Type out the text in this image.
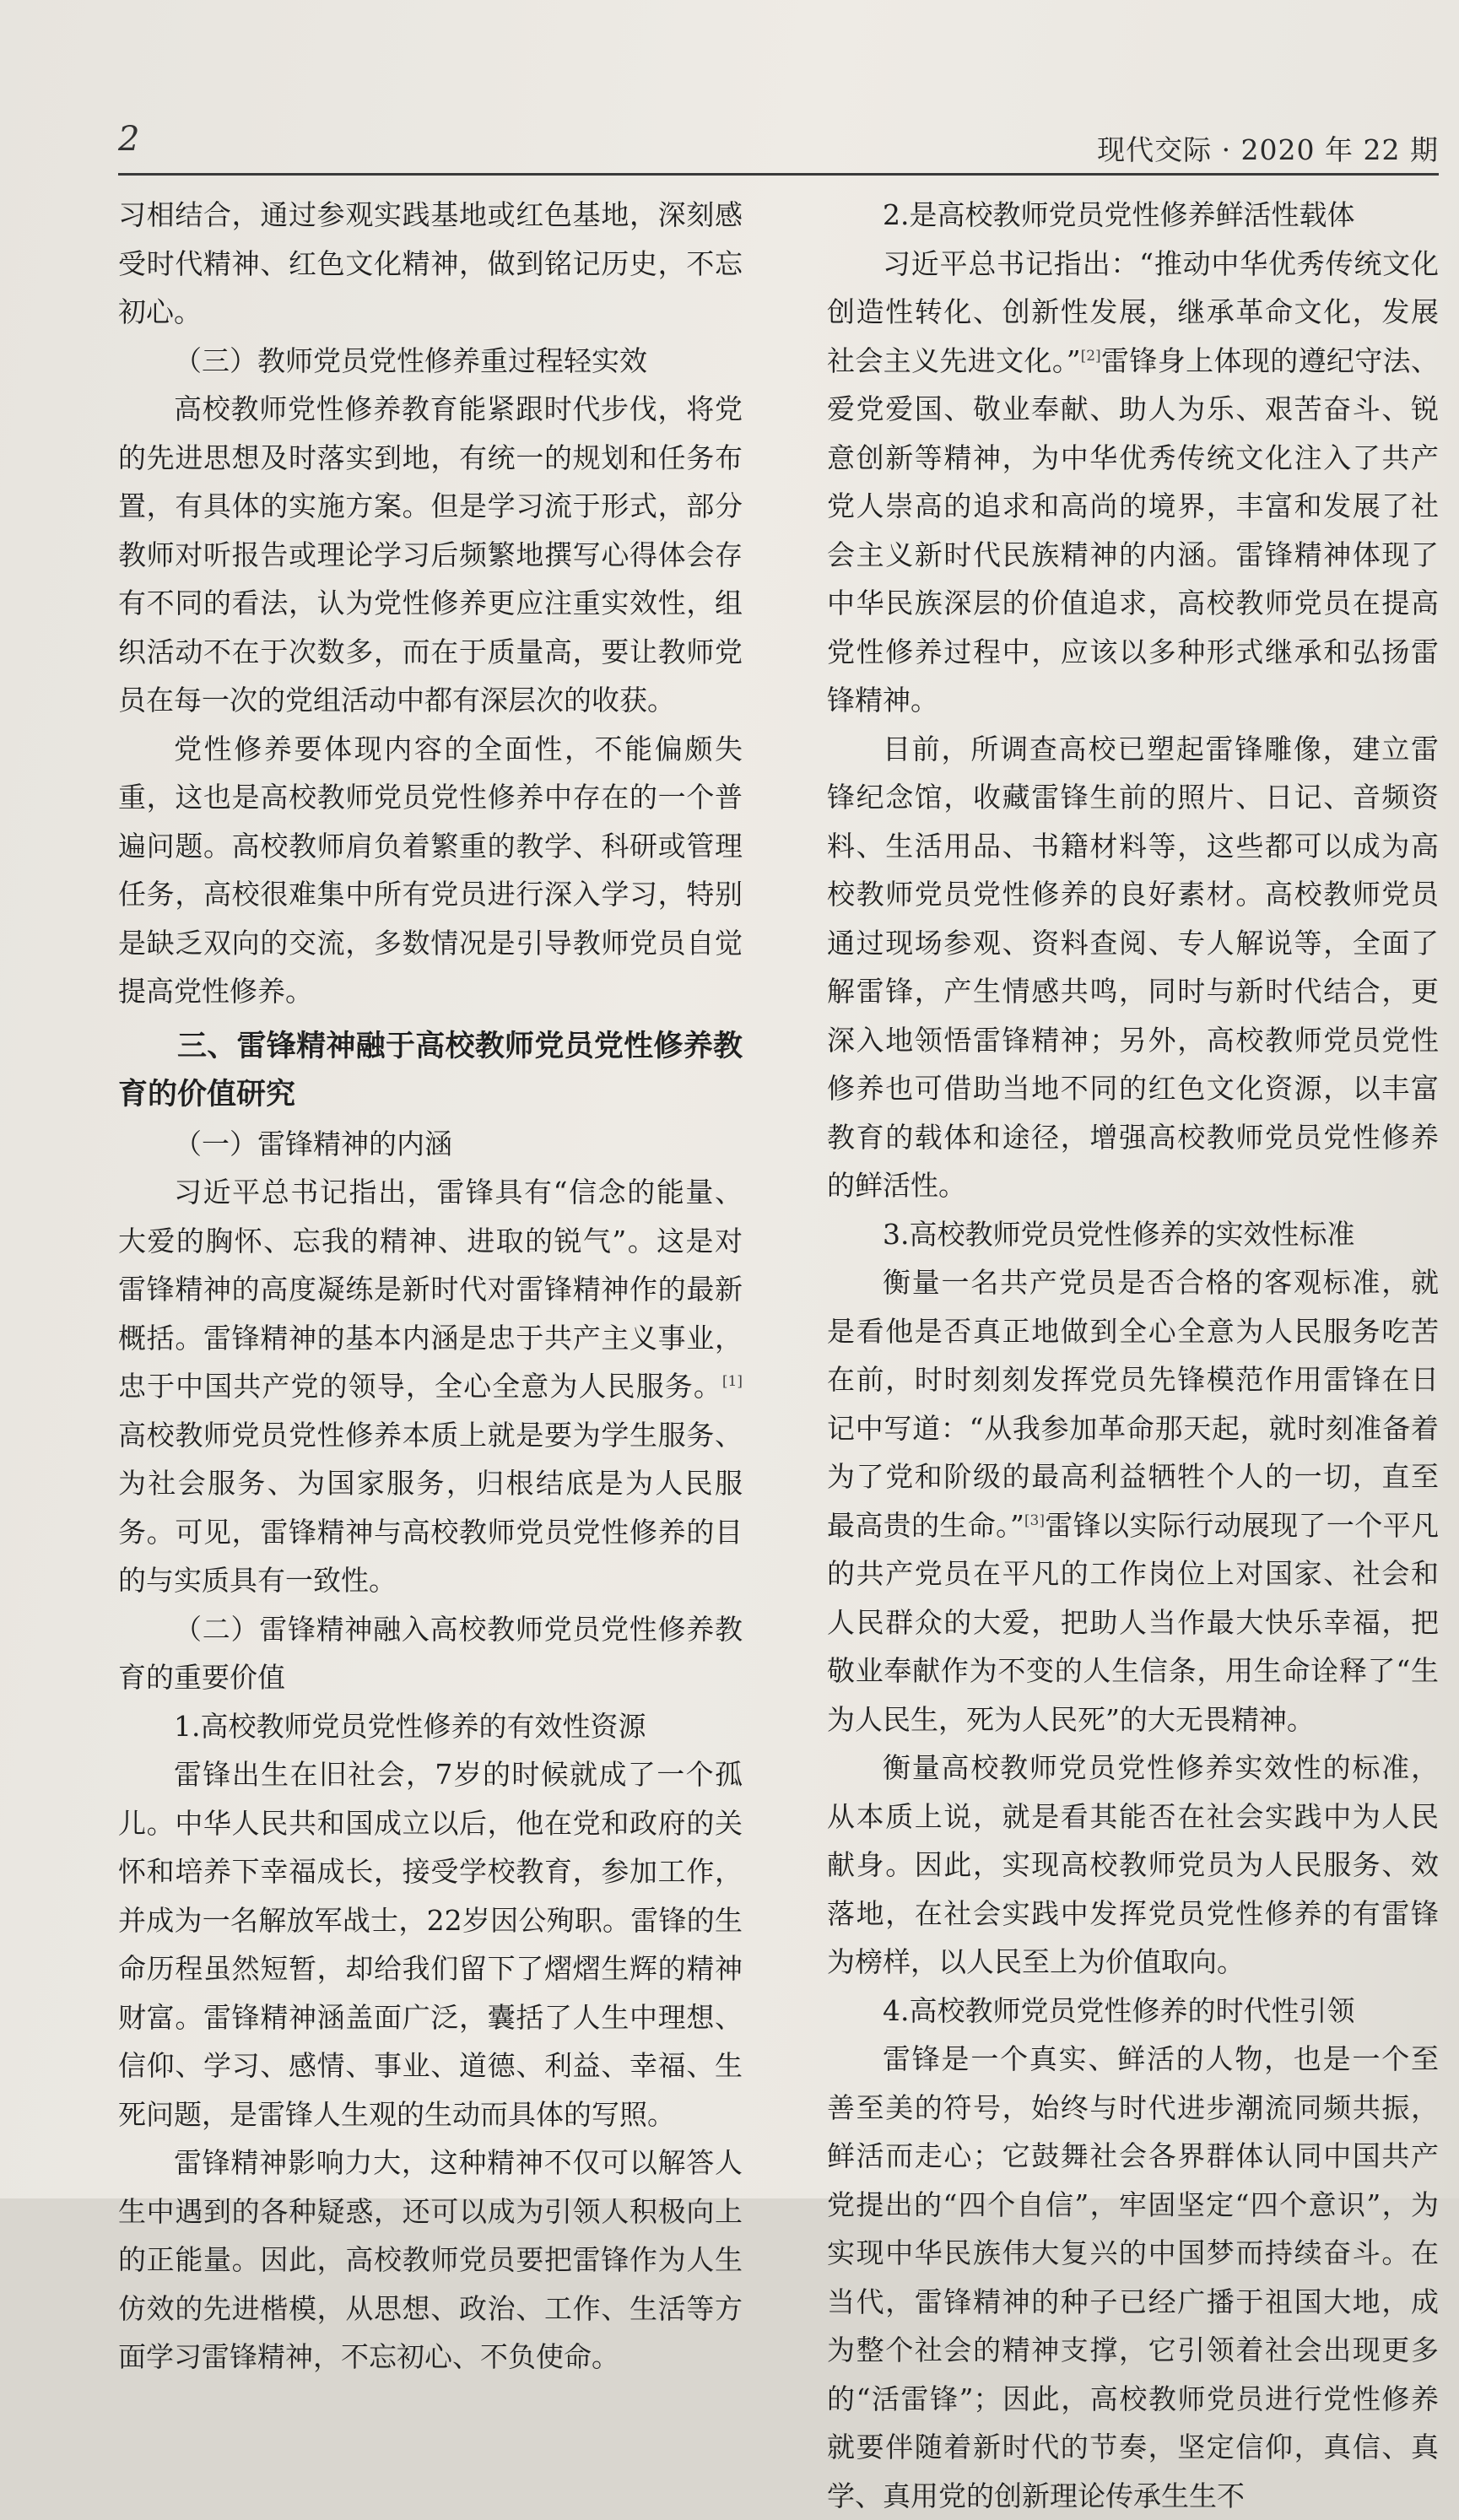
2	现代交际 · 2020 年 22 期

习相结合，通过参观实践基地或红色基地，深刻感受时代精神、红色文化精神，做到铭记历史，不忘初心。

（三）教师党员党性修养重过程轻实效

高校教师党性修养教育能紧跟时代步伐，将党的先进思想及时落实到地，有统一的规划和任务布置，有具体的实施方案。但是学习流于形式，部分教师对听报告或理论学习后频繁地撰写心得体会存有不同的看法，认为党性修养更应注重实效性，组织活动不在于次数多，而在于质量高，要让教师党员在每一次的党组活动中都有深层次的收获。

党性修养要体现内容的全面性，不能偏颇失重，这也是高校教师党员党性修养中存在的一个普遍问题。高校教师肩负着繁重的教学、科研或管理任务，高校很难集中所有党员进行深入学习，特别是缺乏双向的交流，多数情况是引导教师党员自觉提高党性修养。

三、雷锋精神融于高校教师党员党性修养教育的价值研究

（一）雷锋精神的内涵

习近平总书记指出，雷锋具有“信念的能量、大爱的胸怀、忘我的精神、进取的锐气”。这是对雷锋精神的高度凝练是新时代对雷锋精神作的最新概括。雷锋精神的基本内涵是忠于共产主义事业，忠于中国共产党的领导，全心全意为人民服务。[1]高校教师党员党性修养本质上就是要为学生服务、为社会服务、为国家服务，归根结底是为人民服务。可见，雷锋精神与高校教师党员党性修养的目的与实质具有一致性。

（二）雷锋精神融入高校教师党员党性修养教育的重要价值

1.高校教师党员党性修养的有效性资源

雷锋出生在旧社会，7岁的时候就成了一个孤儿。中华人民共和国成立以后，他在党和政府的关怀和培养下幸福成长，接受学校教育，参加工作，并成为一名解放军战士，22岁因公殉职。雷锋的生命历程虽然短暂，却给我们留下了熠熠生辉的精神财富。雷锋精神涵盖面广泛，囊括了人生中理想、信仰、学习、感情、事业、道德、利益、幸福、生死问题，是雷锋人生观的生动而具体的写照。

雷锋精神影响力大，这种精神不仅可以解答人生中遇到的各种疑惑，还可以成为引领人积极向上的正能量。因此，高校教师党员要把雷锋作为人生仿效的先进楷模，从思想、政治、工作、生活等方面学习雷锋精神，不忘初心、不负使命。

2.是高校教师党员党性修养鲜活性载体

习近平总书记指出：“推动中华优秀传统文化创造性转化、创新性发展，继承革命文化，发展社会主义先进文化。”[2]雷锋身上体现的遵纪守法、爱党爱国、敬业奉献、助人为乐、艰苦奋斗、锐意创新等精神，为中华优秀传统文化注入了共产党人崇高的追求和高尚的境界，丰富和发展了社会主义新时代民族精神的内涵。雷锋精神体现了中华民族深层的价值追求，高校教师党员在提高党性修养过程中，应该以多种形式继承和弘扬雷锋精神。

目前，所调查高校已塑起雷锋雕像，建立雷锋纪念馆，收藏雷锋生前的照片、日记、音频资料、生活用品、书籍材料等，这些都可以成为高校教师党员党性修养的良好素材。高校教师党员通过现场参观、资料查阅、专人解说等，全面了解雷锋，产生情感共鸣，同时与新时代结合，更深入地领悟雷锋精神；另外，高校教师党员党性修养也可借助当地不同的红色文化资源，以丰富教育的载体和途径，增强高校教师党员党性修养的鲜活性。

3.高校教师党员党性修养的实效性标准

衡量一名共产党员是否合格的客观标准，就是看他是否真正地做到全心全意为人民服务吃苦在前，时时刻刻发挥党员先锋模范作用雷锋在日记中写道：“从我参加革命那天起，就时刻准备着为了党和阶级的最高利益牺牲个人的一切，直至最高贵的生命。”[3]雷锋以实际行动展现了一个平凡的共产党员在平凡的工作岗位上对国家、社会和人民群众的大爱，把助人当作最大快乐幸福，把敬业奉献作为不变的人生信条，用生命诠释了“生为人民生，死为人民死”的大无畏精神。

衡量高校教师党员党性修养实效性的标准，从本质上说，就是看其能否在社会实践中为人民献身。因此，实现高校教师党员为人民服务、效落地，在社会实践中发挥党员党性修养的有雷锋为榜样，以人民至上为价值取向。

4.高校教师党员党性修养的时代性引领

雷锋是一个真实、鲜活的人物，也是一个至善至美的符号，始终与时代进步潮流同频共振，鲜活而走心；它鼓舞社会各界群体认同中国共产党提出的“四个自信”，牢固坚定“四个意识”，为实现中华民族伟大复兴的中国梦而持续奋斗。在当代，雷锋精神的种子已经广播于祖国大地，成为整个社会的精神支撑，它引领着社会出现更多的“活雷锋”；因此，高校教师党员进行党性修养就要伴随着新时代的节奏，坚定信仰，真信、真学、真用党的创新理论传承生生不
